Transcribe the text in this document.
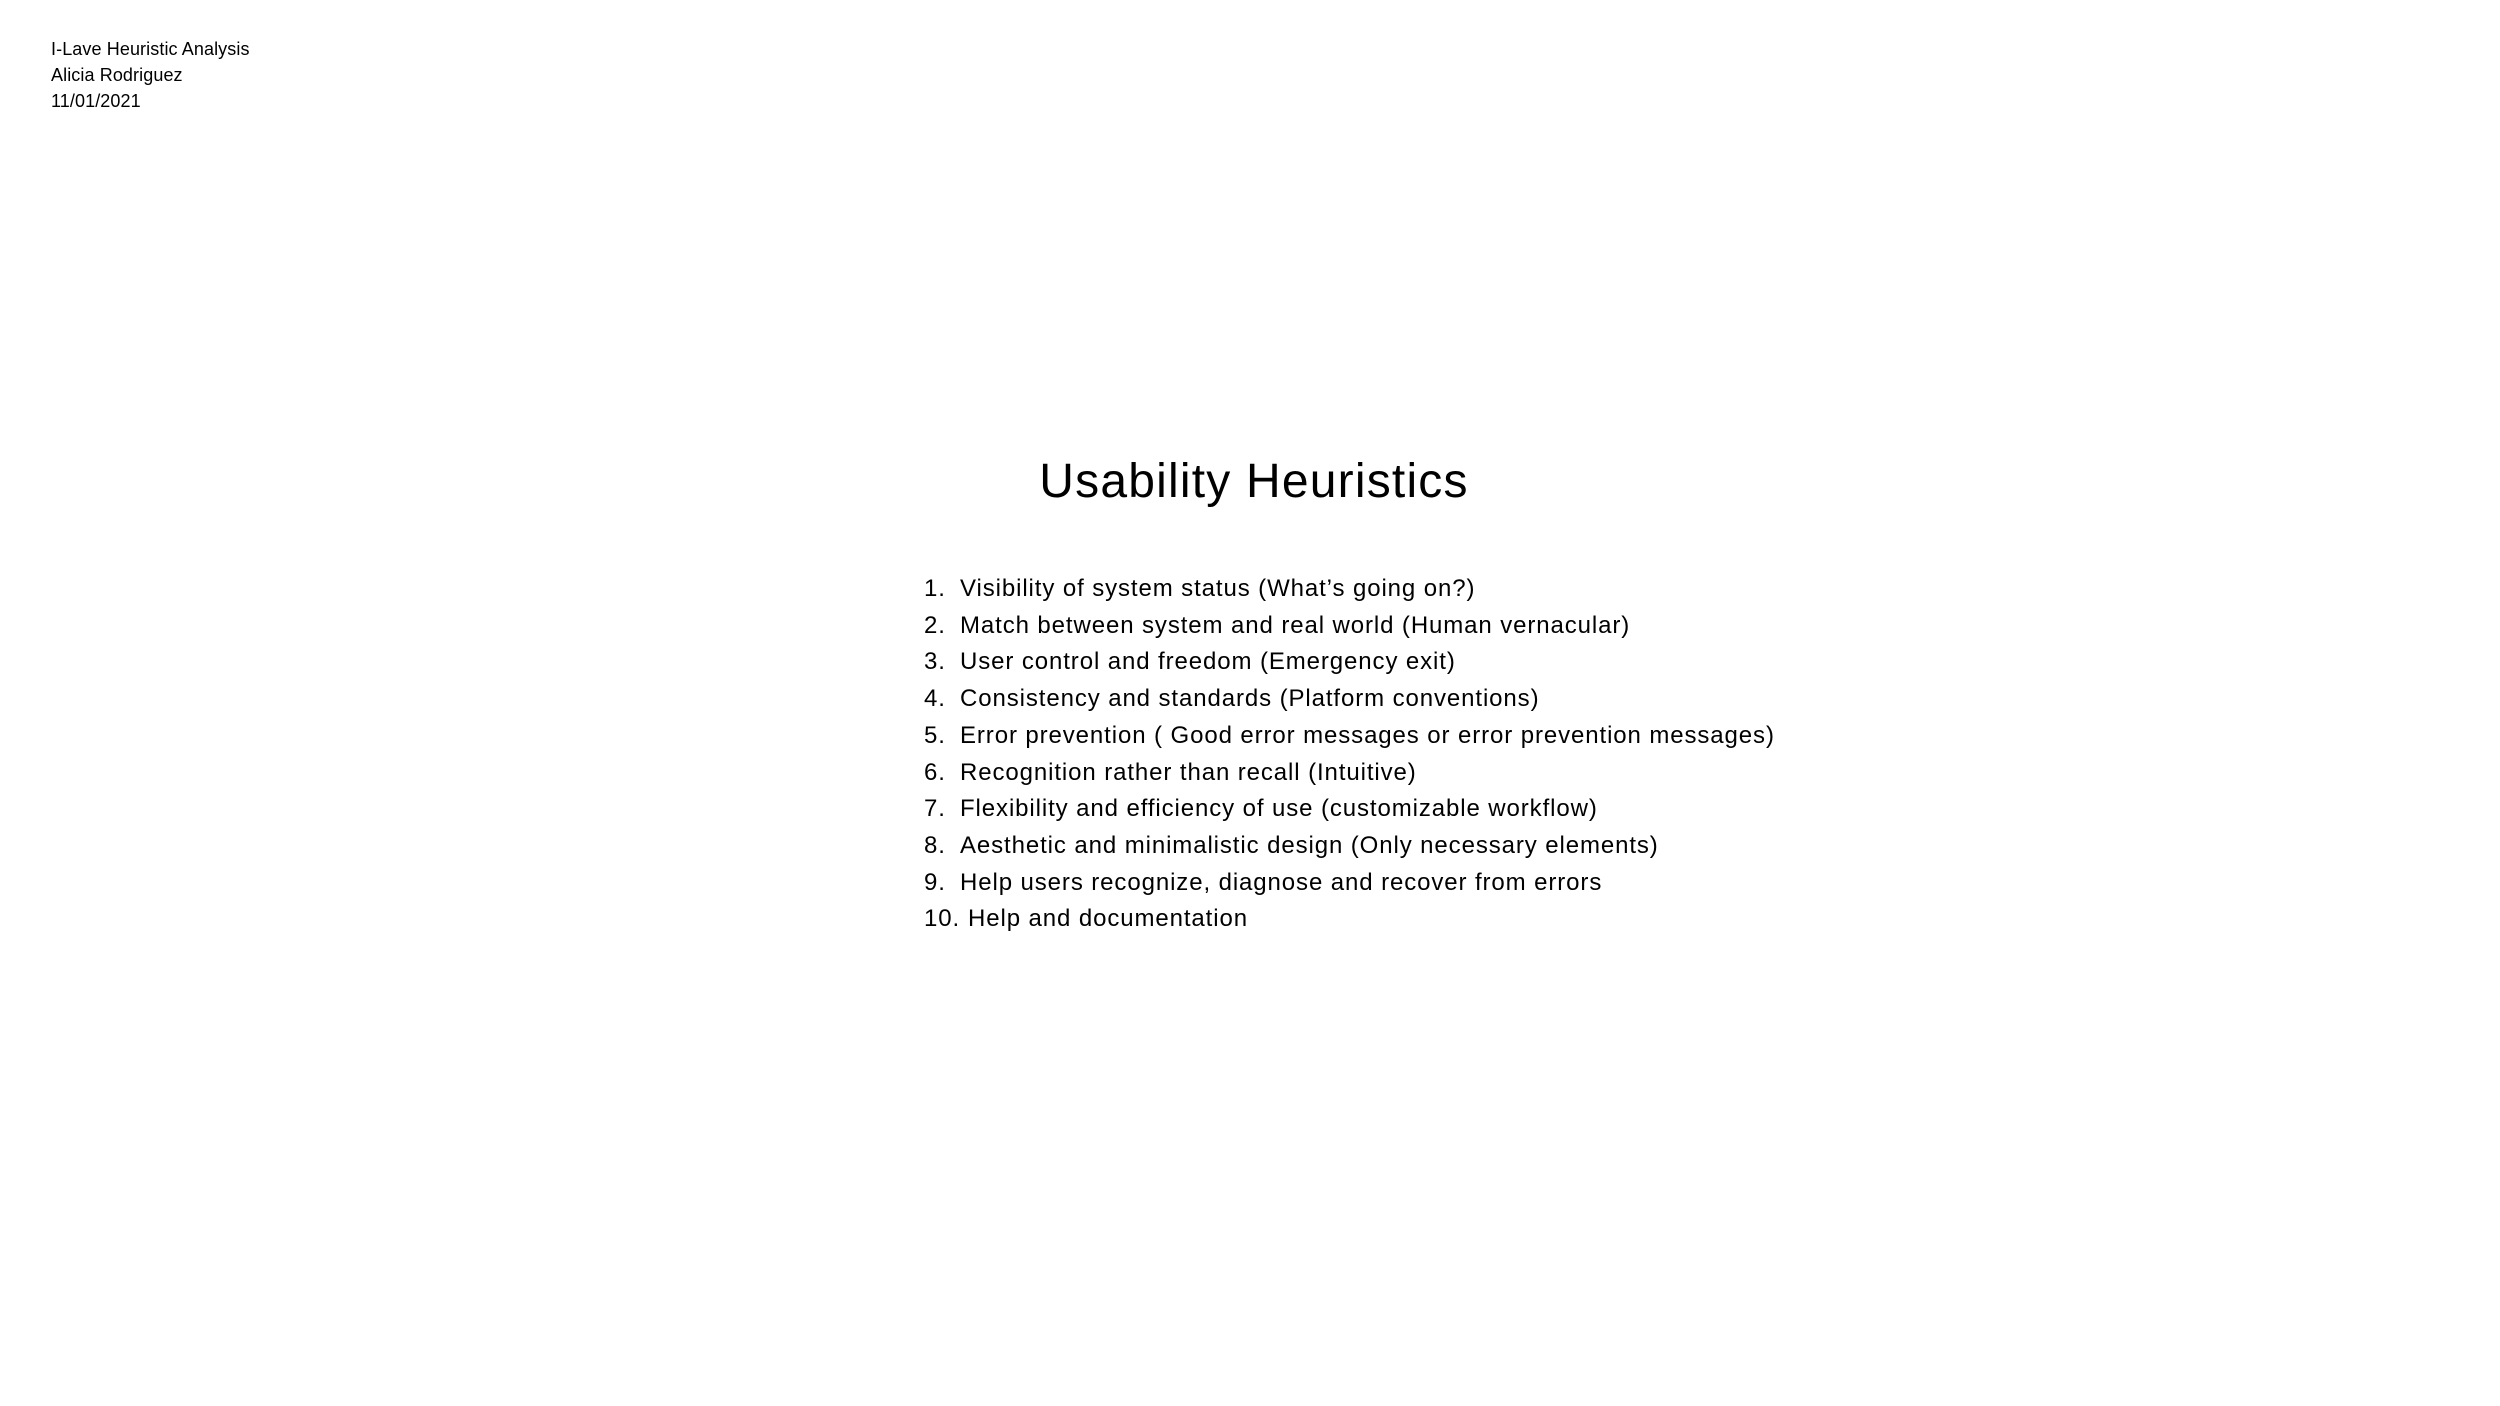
I-Lave Heuristic Analysis
Alicia Rodriguez
11/01/2021
Usability Heuristics
1. Visibility of system status (What’s going on?)
2. Match between system and real world (Human vernacular)
3. User control and freedom (Emergency exit)
4. Consistency and standards (Platform conventions)
5. Error prevention ( Good error messages or error prevention messages)
6. Recognition rather than recall (Intuitive)
7. Flexibility and efficiency of use (customizable workflow)
8. Aesthetic and minimalistic design (Only necessary elements)
9. Help users recognize, diagnose and recover from errors
10. Help and documentation
